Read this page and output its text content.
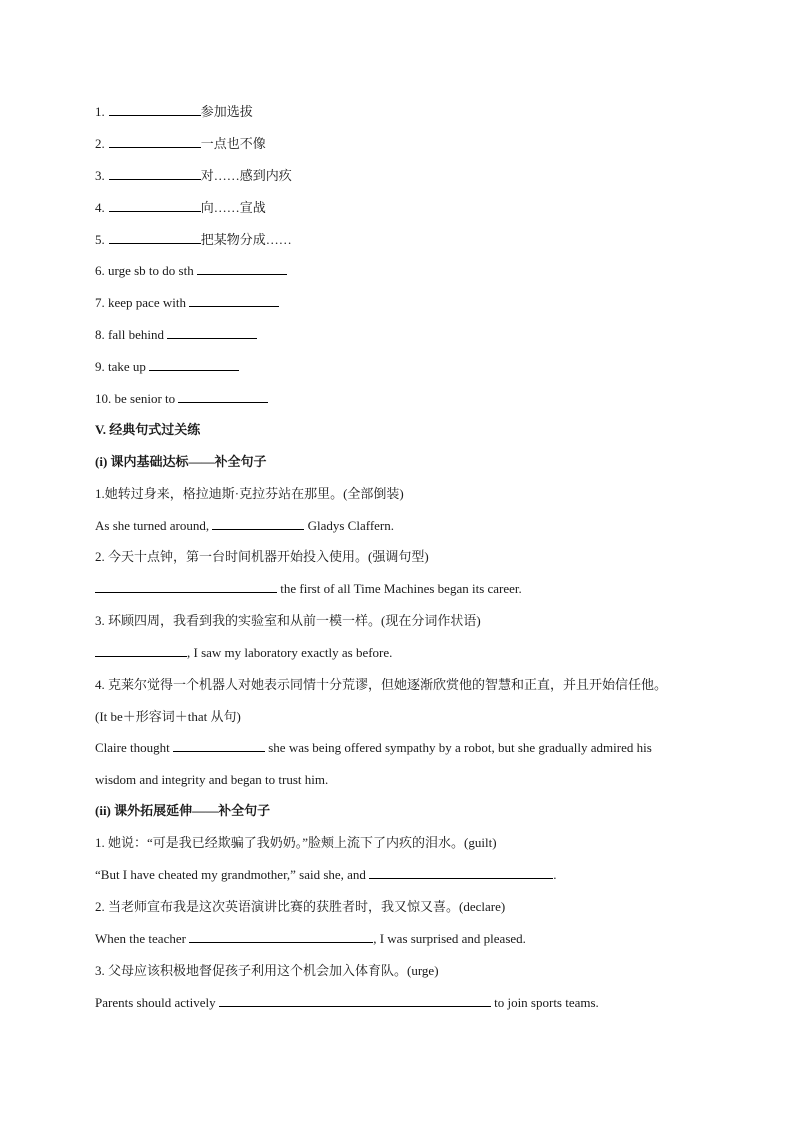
1.	参加选拔
2.	一点也不像
3.	对……感到内疚
4.	向……宣战
5.	把某物分成……
6. urge sb to do sth
7. keep pace with
8. fall behind
9. take up
10. be senior to
V. 经典句式过关练
(i) 课内基础达标——补全句子
1.她转过身来，格拉迪斯·克拉芬站在那里。(全部倒装)
As she turned around,	Gladys Claffern.
2. 今天十点钟，第一台时间机器开始投入使用。(强调句型)
the first of all Time Machines began its career.
3. 环顾四周，我看到我的实验室和从前一模一样。(现在分词作状语)
, I saw my laboratory exactly as before.
4. 克莱尔觉得一个机器人对她表示同情十分荒谬，但她逐渐欣赏他的智慧和正直，并且开始信任他。
(It be＋形容词＋that 从句)
Claire thought	she was being offered sympathy by a robot, but she gradually admired his
wisdom and integrity and began to trust him.
(ii) 课外拓展延伸——补全句子
1. 她说：“可是我已经欺骗了我奶奶。”脸颊上流下了内疚的泪水。(guilt)
“But I have cheated my grandmother,” said she, and	.
2. 当老师宣布我是这次英语演讲比赛的获胜者时，我又惊又喜。(declare)
When the teacher	, I was surprised and pleased.
3. 父母应该积极地督促孩子利用这个机会加入体育队。(urge)
Parents should actively	to join sports teams.
